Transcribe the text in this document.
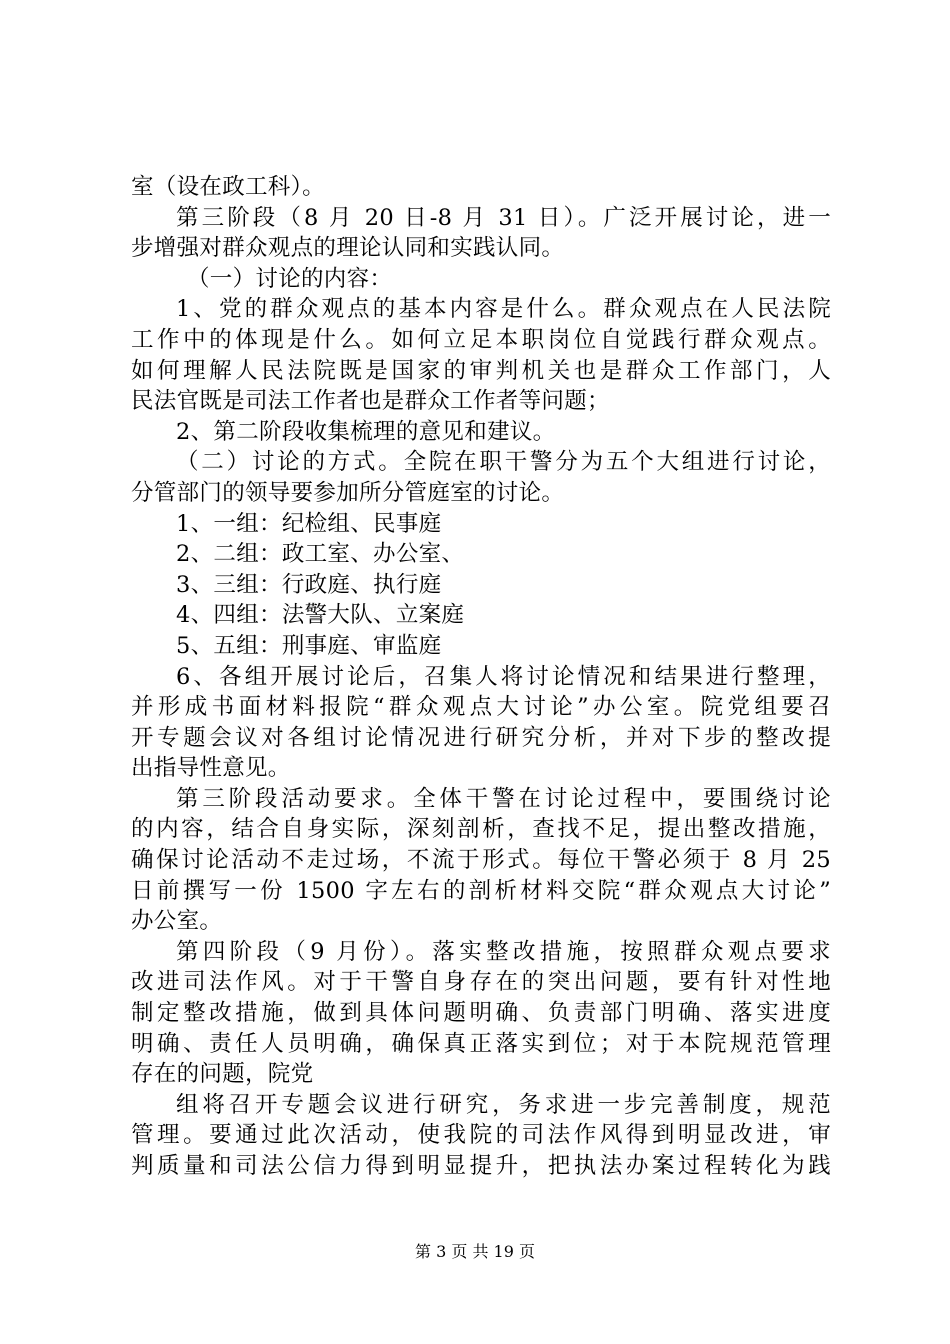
室（设在政工科）。
第三阶段（8 月 20 日-8 月 31 日）。广泛开展讨论，进一
步增强对群众观点的理论认同和实践认同。
（一）讨论的内容：
1、党的群众观点的基本内容是什么。群众观点在人民法院
工作中的体现是什么。如何立足本职岗位自觉践行群众观点。
如何理解人民法院既是国家的审判机关也是群众工作部门，人
民法官既是司法工作者也是群众工作者等问题；
2、第二阶段收集梳理的意见和建议。
（二）讨论的方式。全院在职干警分为五个大组进行讨论，
分管部门的领导要参加所分管庭室的讨论。
1、一组：纪检组、民事庭
2、二组：政工室、办公室、
3、三组：行政庭、执行庭
4、四组：法警大队、立案庭
5、五组：刑事庭、审监庭
6、各组开展讨论后，召集人将讨论情况和结果进行整理，
并形成书面材料报院“群众观点大讨论”办公室。院党组要召
开专题会议对各组讨论情况进行研究分析，并对下步的整改提
出指导性意见。
第三阶段活动要求。全体干警在讨论过程中，要围绕讨论
的内容，结合自身实际，深刻剖析，查找不足，提出整改措施，
确保讨论活动不走过场，不流于形式。每位干警必须于 8 月 25
日前撰写一份 1500 字左右的剖析材料交院“群众观点大讨论”
办公室。
第四阶段（9 月份）。落实整改措施，按照群众观点要求
改进司法作风。对于干警自身存在的突出问题，要有针对性地
制定整改措施，做到具体问题明确、负责部门明确、落实进度
明确、责任人员明确，确保真正落实到位；对于本院规范管理
存在的问题，院党
组将召开专题会议进行研究，务求进一步完善制度，规范
管理。要通过此次活动，使我院的司法作风得到明显改进，审
判质量和司法公信力得到明显提升，把执法办案过程转化为践
第 3 页 共 19 页
